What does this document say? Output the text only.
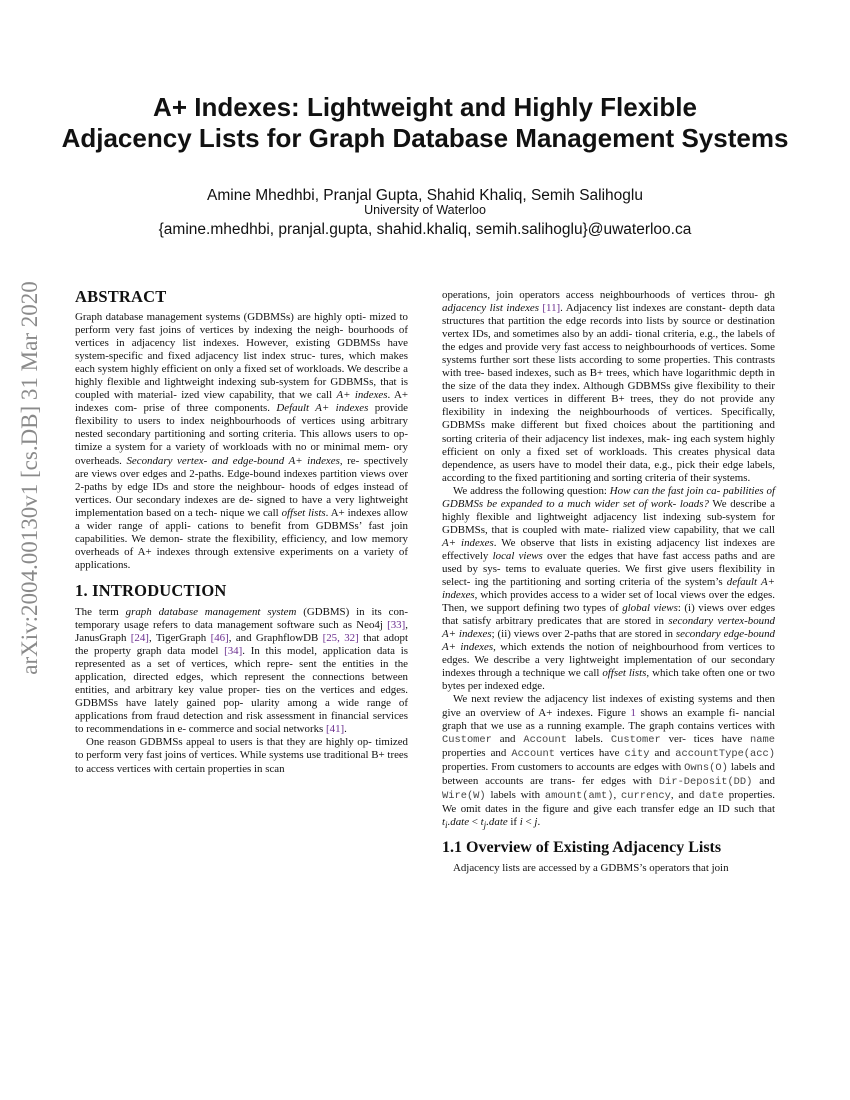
A+ Indexes: Lightweight and Highly Flexible
Adjacency Lists for Graph Database Management Systems
Amine Mhedhbi, Pranjal Gupta, Shahid Khaliq, Semih Salihoglu
University of Waterloo
{amine.mhedhbi, pranjal.gupta, shahid.khaliq, semih.salihoglu}@uwaterloo.ca
arXiv:2004.00130v1 [cs.DB] 31 Mar 2020 ABSTRACT

Graph database management systems (GDBMSs) are highly opti- mized to perform very fast joins of vertices by indexing the neigh- bourhoods of vertices in adjacency list indexes. However, existing GDBMSs have system-specific and fixed adjacency list index struc- tures, which makes each system highly efficient on only a fixed set of workloads. We describe a highly flexible and lightweight indexing sub-system for GDBMSs, that is coupled with material- ized view capability, that we call A+ indexes. A+ indexes com- prise of three components. Default A+ indexes provide flexibility to users to index neighbourhoods of vertices using arbitrary nested secondary partitioning and sorting criteria. This allows users to op- timize a system for a variety of workloads with no or minimal mem- ory overheads. Secondary vertex- and edge-bound A+ indexes, re- spectively are views over edges and 2-paths. Edge-bound indexes partition views over 2-paths by edge IDs and store the neighbour- hoods of edges instead of vertices. Our secondary indexes are de- signed to have a very lightweight implementation based on a tech- nique we call offset lists. A+ indexes allow a wider range of appli- cations to benefit from GDBMSs’ fast join capabilities. We demon- strate the flexibility, efficiency, and low memory overheads of A+ indexes through extensive experiments on a variety of applications.

1. INTRODUCTION

The term graph database management system (GDBMS) in its con- temporary usage refers to data management software such as Neo4j [33], JanusGraph [24], TigerGraph [46], and GraphflowDB [25, 32] that adopt the property graph data model [34]. In this model, application data is represented as a set of vertices, which repre- sent the entities in the application, directed edges, which represent the connections between entities, and arbitrary key value proper- ties on the vertices and edges. GDBMSs have lately gained pop- ularity among a wide range of applications from fraud detection and risk assessment in financial services to recommendations in e- commerce and social networks [41].

One reason GDBMSs appeal to users is that they are highly op- timized to perform very fast joins of vertices. While systems use traditional B+ trees to access vertices with certain properties in scan

operations, join operators access neighbourhoods of vertices throu- gh adjacency list indexes [11]. Adjacency list indexes are constant- depth data structures that partition the edge records into lists by source or destination vertex IDs, and sometimes also by an addi- tional criteria, e.g., the labels of the edges and provide very fast access to neighbourhoods of vertices. Some systems further sort these lists according to some properties. This contrasts with tree- based indexes, such as B+ trees, which have logarithmic depth in the size of the data they index. Although GDBMSs give flexibility to their users to index vertices in different B+ trees, they do not provide any flexibility in indexing the neighbourhoods of vertices. Specifically, GDBMSs make different but fixed choices about the partitioning and sorting criteria of their adjacency list indexes, mak- ing each system highly efficient on only a fixed set of workloads. This creates physical data dependence, as users have to model their data, e.g., pick their edge labels, according to the fixed partitioning and sorting criteria of their systems.

We address the following question: How can the fast join ca- pabilities of GDBMSs be expanded to a much wider set of work- loads? We describe a highly flexible and lightweight adjacency list indexing sub-system for GDBMSs, that is coupled with mate- rialized view capability, that we call A+ indexes. We observe that lists in existing adjacency list indexes are effectively local views over the edges that have fast access paths and are used by sys- tems to evaluate queries. We first give users flexibility in select- ing the partitioning and sorting criteria of the system’s default A+ indexes, which provides access to a wider set of local views over the edges. Then, we support defining two types of global views: (i) views over edges that satisfy arbitrary predicates that are stored in secondary vertex-bound A+ indexes; (ii) views over 2-paths that are stored in secondary edge-bound A+ indexes, which extends the notion of neighbourhood from vertices to edges. We describe a very lightweight implementation of our secondary indexes through a technique we call offset lists, which take often one or two bytes per indexed edge.

We next review the adjacency list indexes of existing systems and then give an overview of A+ indexes. Figure 1 shows an example fi- nancial graph that we use as a running example. The graph contains vertices with Customer and Account labels. Customer ver- tices have name properties and Account vertices have city and accountType(acc) properties. From customers to accounts are edges with Owns(O) labels and between accounts are trans- fer edges with Dir-Deposit(DD) and Wire(W) labels with amount(amt), currency, and date properties. We omit dates in the figure and give each transfer edge an ID such that $t_i.date$ < $t_j.date$ if i < j.

1.1 Overview of Existing Adjacency Lists

Adjacency lists are accessed by a GDBMS’s operators that join
